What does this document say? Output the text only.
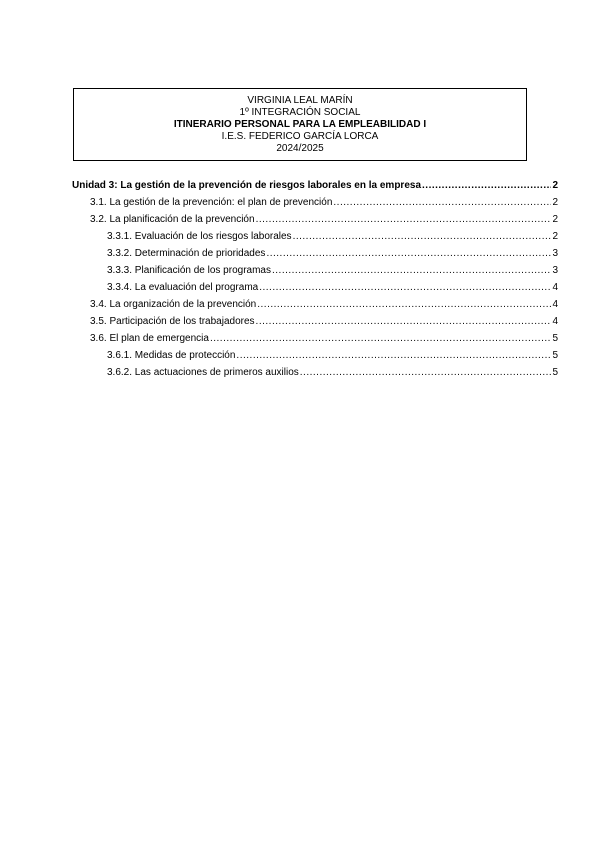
VIRGINIA LEAL MARÍN
1º INTEGRACIÓN SOCIAL
ITINERARIO PERSONAL PARA LA EMPLEABILIDAD I
I.E.S. FEDERICO GARCÍA LORCA
2024/2025
Unidad 3: La gestión de la prevención de riesgos laborales en la empresa .....	2
3.1. La gestión de la prevención: el plan de prevención .....	2
3.2. La planificación de la prevención .....	2
3.3.1. Evaluación de los riesgos laborales .....	2
3.3.2. Determinación de prioridades .....	3
3.3.3. Planificación de los programas .....	3
3.3.4. La evaluación del programa .....	4
3.4. La organización de la prevención .....	4
3.5. Participación de los trabajadores .....	4
3.6. El plan de emergencia .....	5
3.6.1. Medidas de protección .....	5
3.6.2. Las actuaciones de primeros auxilios .....	5
